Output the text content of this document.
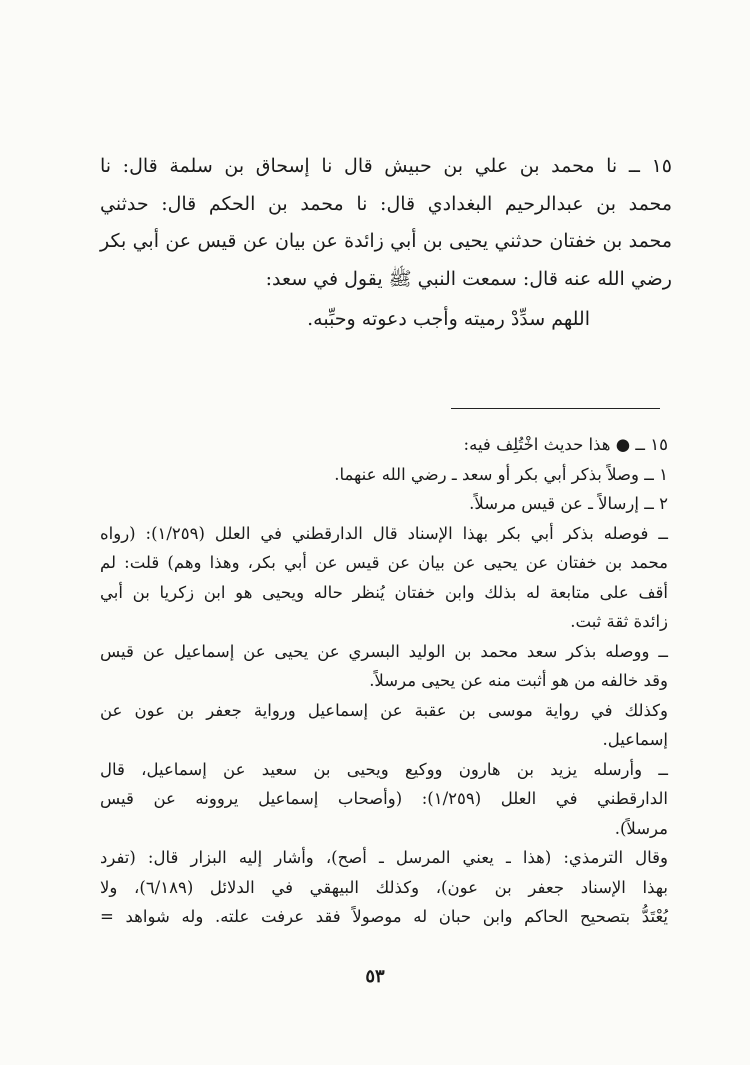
١٥ ــ نا محمد بن علي بن حبيش قال نا إسحاق بن سلمة قال: نا
محمد بن عبدالرحيم البغدادي قال: نا محمد بن الحكم قال: حدثني
محمد بن خفتان حدثني يحيى بن أبي زائدة عن بيان عن قيس عن أبي بكر
رضي الله عنه قال: سمعت النبي ﷺ يقول في سعد:
اللهم سدِّدْ رميته وأجب دعوته وحبِّبه.
١٥ ــ ● هذا حديث اخْتُلِف فيه:
١ ــ وصلاً بذكر أبي بكر أو سعد ـ رضي الله عنهما.
٢ ــ إرسالاً ـ عن قيس مرسلاً.
ــ فوصله بذكر أبي بكر بهذا الإسناد قال الدارقطني في العلل (١/٢٥٩): (رواه
محمد بن خفتان عن يحيى عن بيان عن قيس عن أبي بكر، وهذا وهم) قلت: لم
أقف على متابعة له بذلك وابن خفتان يُنظر حاله ويحيى هو ابن زكريا بن أبي
زائدة ثقة ثبت.
ــ ووصله بذكر سعد محمد بن الوليد البسري عن يحيى عن إسماعيل عن قيس
وقد خالفه من هو أثبت منه عن يحيى مرسلاً.
وكذلك في رواية موسى بن عقبة عن إسماعيل ورواية جعفر بن عون عن
إسماعيل.
ــ وأرسله يزيد بن هارون ووكيع ويحيى بن سعيد عن إسماعيل، قال
الدارقطني في العلل (١/٢٥٩): (وأصحاب إسماعيل يروونه عن قيس
مرسلاً).
وقال الترمذي: (هذا ـ يعني المرسل ـ أصح)، وأشار إليه البزار قال: (تفرد
بهذا الإسناد جعفر بن عون)، وكذلك البيهقي في الدلائل (٦/١٨٩)، ولا
يُعْتَدُّ بتصحيح الحاكم وابن حبان له موصولاً فقد عرفت علته. وله شواهد =
٥٣
